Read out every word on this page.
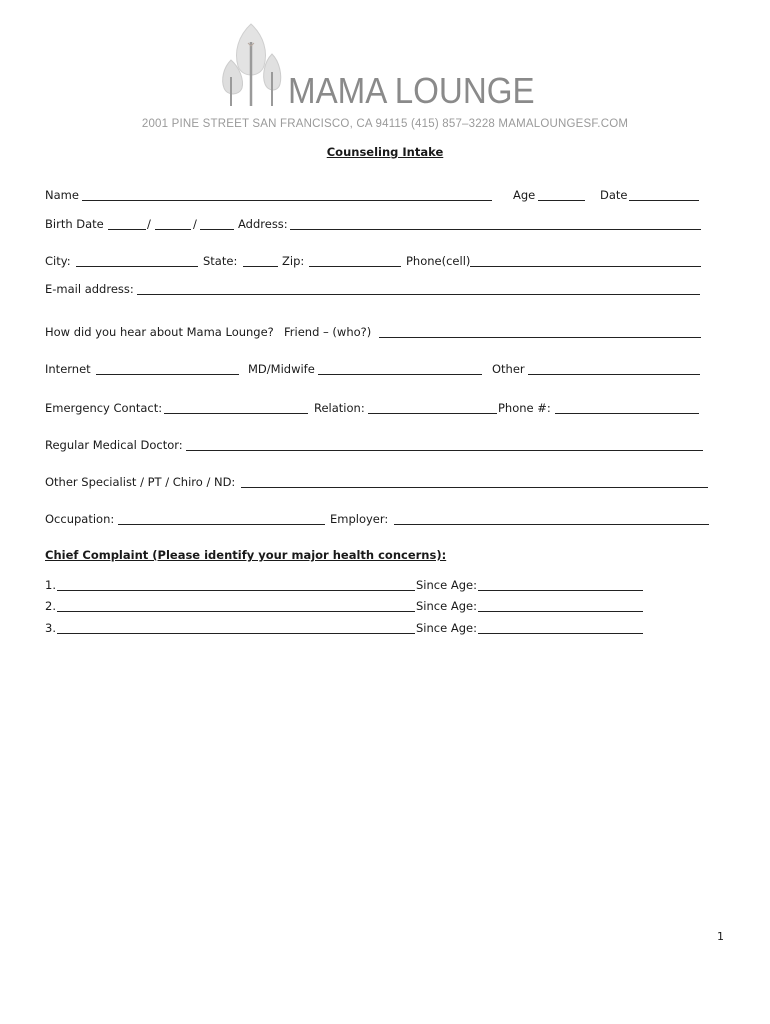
MAMA LOUNGE
2001 PINE STREET SAN FRANCISCO, CA 94115 (415) 857–3228 MAMALOUNGESF.COM
Counseling Intake
Name	Age	Date
Birth Date	/	/	Address:
City:	State:	Zip:	Phone(cell)
E-mail address:
How did you hear about Mama Lounge? Friend – (who?)
Internet	MD/Midwife	Other
Emergency Contact:	Relation:	Phone #:
Regular Medical Doctor:
Other Specialist / PT / Chiro / ND:
Occupation:	Employer:
Chief Complaint (Please identify your major health concerns):
1.	Since Age:
2.	Since Age:
3.	Since Age:
1
